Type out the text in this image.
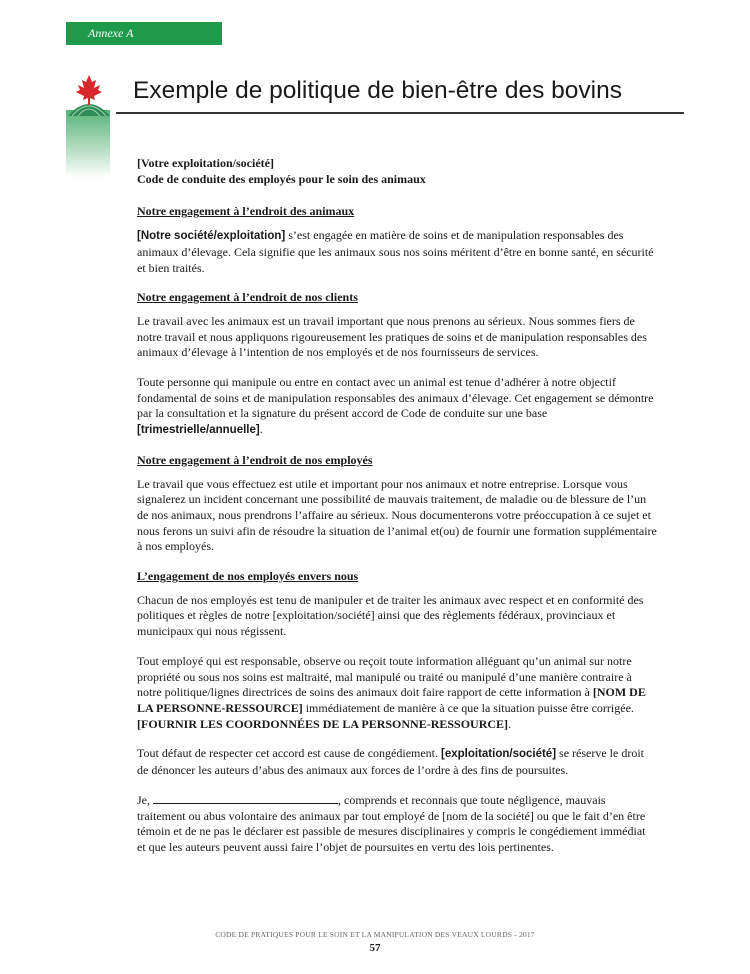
Annexe A
Exemple de politique de bien-être des bovins

[Votre exploitation/société]

Code de conduite des employés pour le soin des animaux

Notre engagement à l’endroit des animaux

[Notre société/exploitation] s’est engagée en matière de soins et de manipulation responsables des animaux d’élevage. Cela signifie que les animaux sous nos soins méritent d’être en bonne santé, en sécurité et bien traités.

Notre engagement à l’endroit de nos clients

Le travail avec les animaux est un travail important que nous prenons au sérieux. Nous sommes fiers de notre travail et nous appliquons rigoureusement les pratiques de soins et de manipulation responsables des animaux d’élevage à l’intention de nos employés et de nos fournisseurs de services.

Toute personne qui manipule ou entre en contact avec un animal est tenue d’adhérer à notre objectif fondamental de soins et de manipulation responsables des animaux d’élevage. Cet engagement se démontre par la consultation et la signature du présent accord de Code de conduite sur une base [trimestrielle/annuelle].

Notre engagement à l’endroit de nos employés

Le travail que vous effectuez est utile et important pour nos animaux et notre entreprise. Lorsque vous signalerez un incident concernant une possibilité de mauvais traitement, de maladie ou de blessure de l’un de nos animaux, nous prendrons l’affaire au sérieux. Nous documenterons votre préoccupation à ce sujet et nous ferons un suivi afin de résoudre la situation de l’animal et(ou) de fournir une formation supplémentaire à nos employés.

L’engagement de nos employés envers nous

Chacun de nos employés est tenu de manipuler et de traiter les animaux avec respect et en conformité des politiques et règles de notre [exploitation/société] ainsi que des règlements fédéraux, provinciaux et municipaux qui nous régissent.

Tout employé qui est responsable, observe ou reçoit toute information alléguant qu’un animal sur notre propriété ou sous nos soins est maltraité, mal manipulé ou traité ou manipulé d’une manière contraire à notre politique/lignes directrices de soins des animaux doit faire rapport de cette information à [NOM DE LA PERSONNE-RESSOURCE] immédiatement de manière à ce que la situation puisse être corrigée. [FOURNIR LES COORDONNÉES DE LA PERSONNE-RESSOURCE].

Tout défaut de respecter cet accord est cause de congédiement. [exploitation/société] se réserve le droit de dénoncer les auteurs d’abus des animaux aux forces de l’ordre à des fins de poursuites.

Je,	, comprends et reconnais que toute négligence, mauvais traitement ou abus volontaire des animaux par tout employé de [nom de la société] ou que le fait d’en être témoin et de ne pas le déclarer est passible de mesures disciplinaires y compris le congédiement immédiat et que les auteurs peuvent aussi faire l’objet de poursuites en vertu des lois pertinentes.

CODE DE PRATIQUES POUR LE SOIN ET LA MANIPULATION DES VEAUX LOURDS - 2017
57
